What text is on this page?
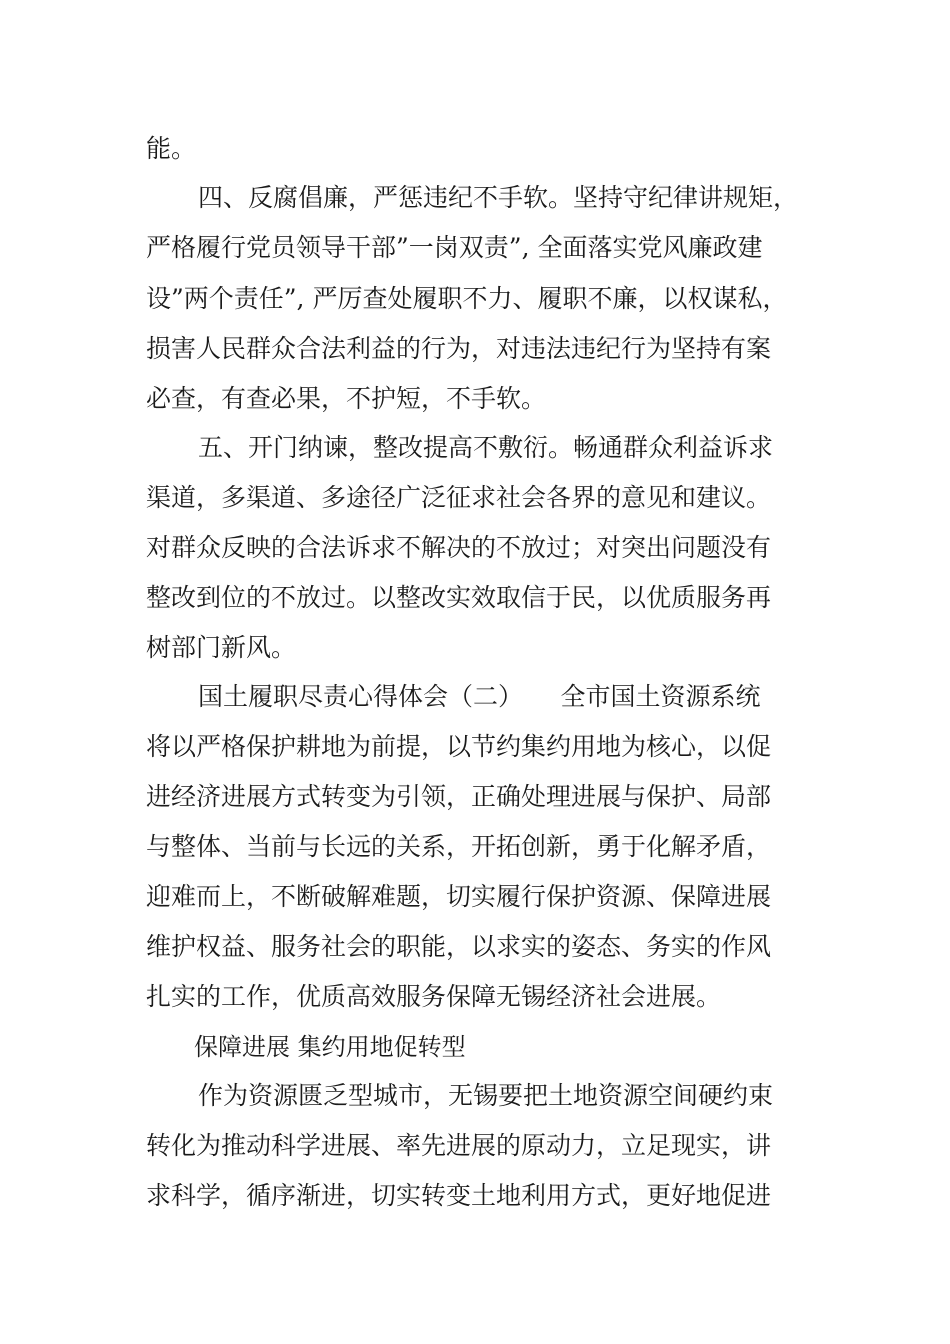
能。

四、反腐倡廉，严惩违纪不手软。坚持守纪律讲规矩，

严格履行党员领导干部”一岗双责”, 全面落实党风廉政建

设”两个责任”, 严厉查处履职不力、履职不廉，以权谋私，

损害人民群众合法利益的行为，对违法违纪行为坚持有案

必查，有查必果，不护短，不手软。

五、开门纳谏，整改提高不敷衍。畅通群众利益诉求

渠道，多渠道、多途径广泛征求社会各界的意见和建议。

对群众反映的合法诉求不解决的不放过；对突出问题没有

整改到位的不放过。以整改实效取信于民，以优质服务再

树部门新风。

国土履职尽责心得体会（二）　　全市国土资源系统

将以严格保护耕地为前提，以节约集约用地为核心，以促

进经济进展方式转变为引领，正确处理进展与保护、局部

与整体、当前与长远的关系，开拓创新，勇于化解矛盾，

迎难而上，不断破解难题，切实履行保护资源、保障进展

维护权益、服务社会的职能，以求实的姿态、务实的作风

扎实的工作，优质高效服务保障无锡经济社会进展。

保障进展 集约用地促转型

作为资源匮乏型城市，无锡要把土地资源空间硬约束

转化为推动科学进展、率先进展的原动力，立足现实，讲

求科学，循序渐进，切实转变土地利用方式，更好地促进
